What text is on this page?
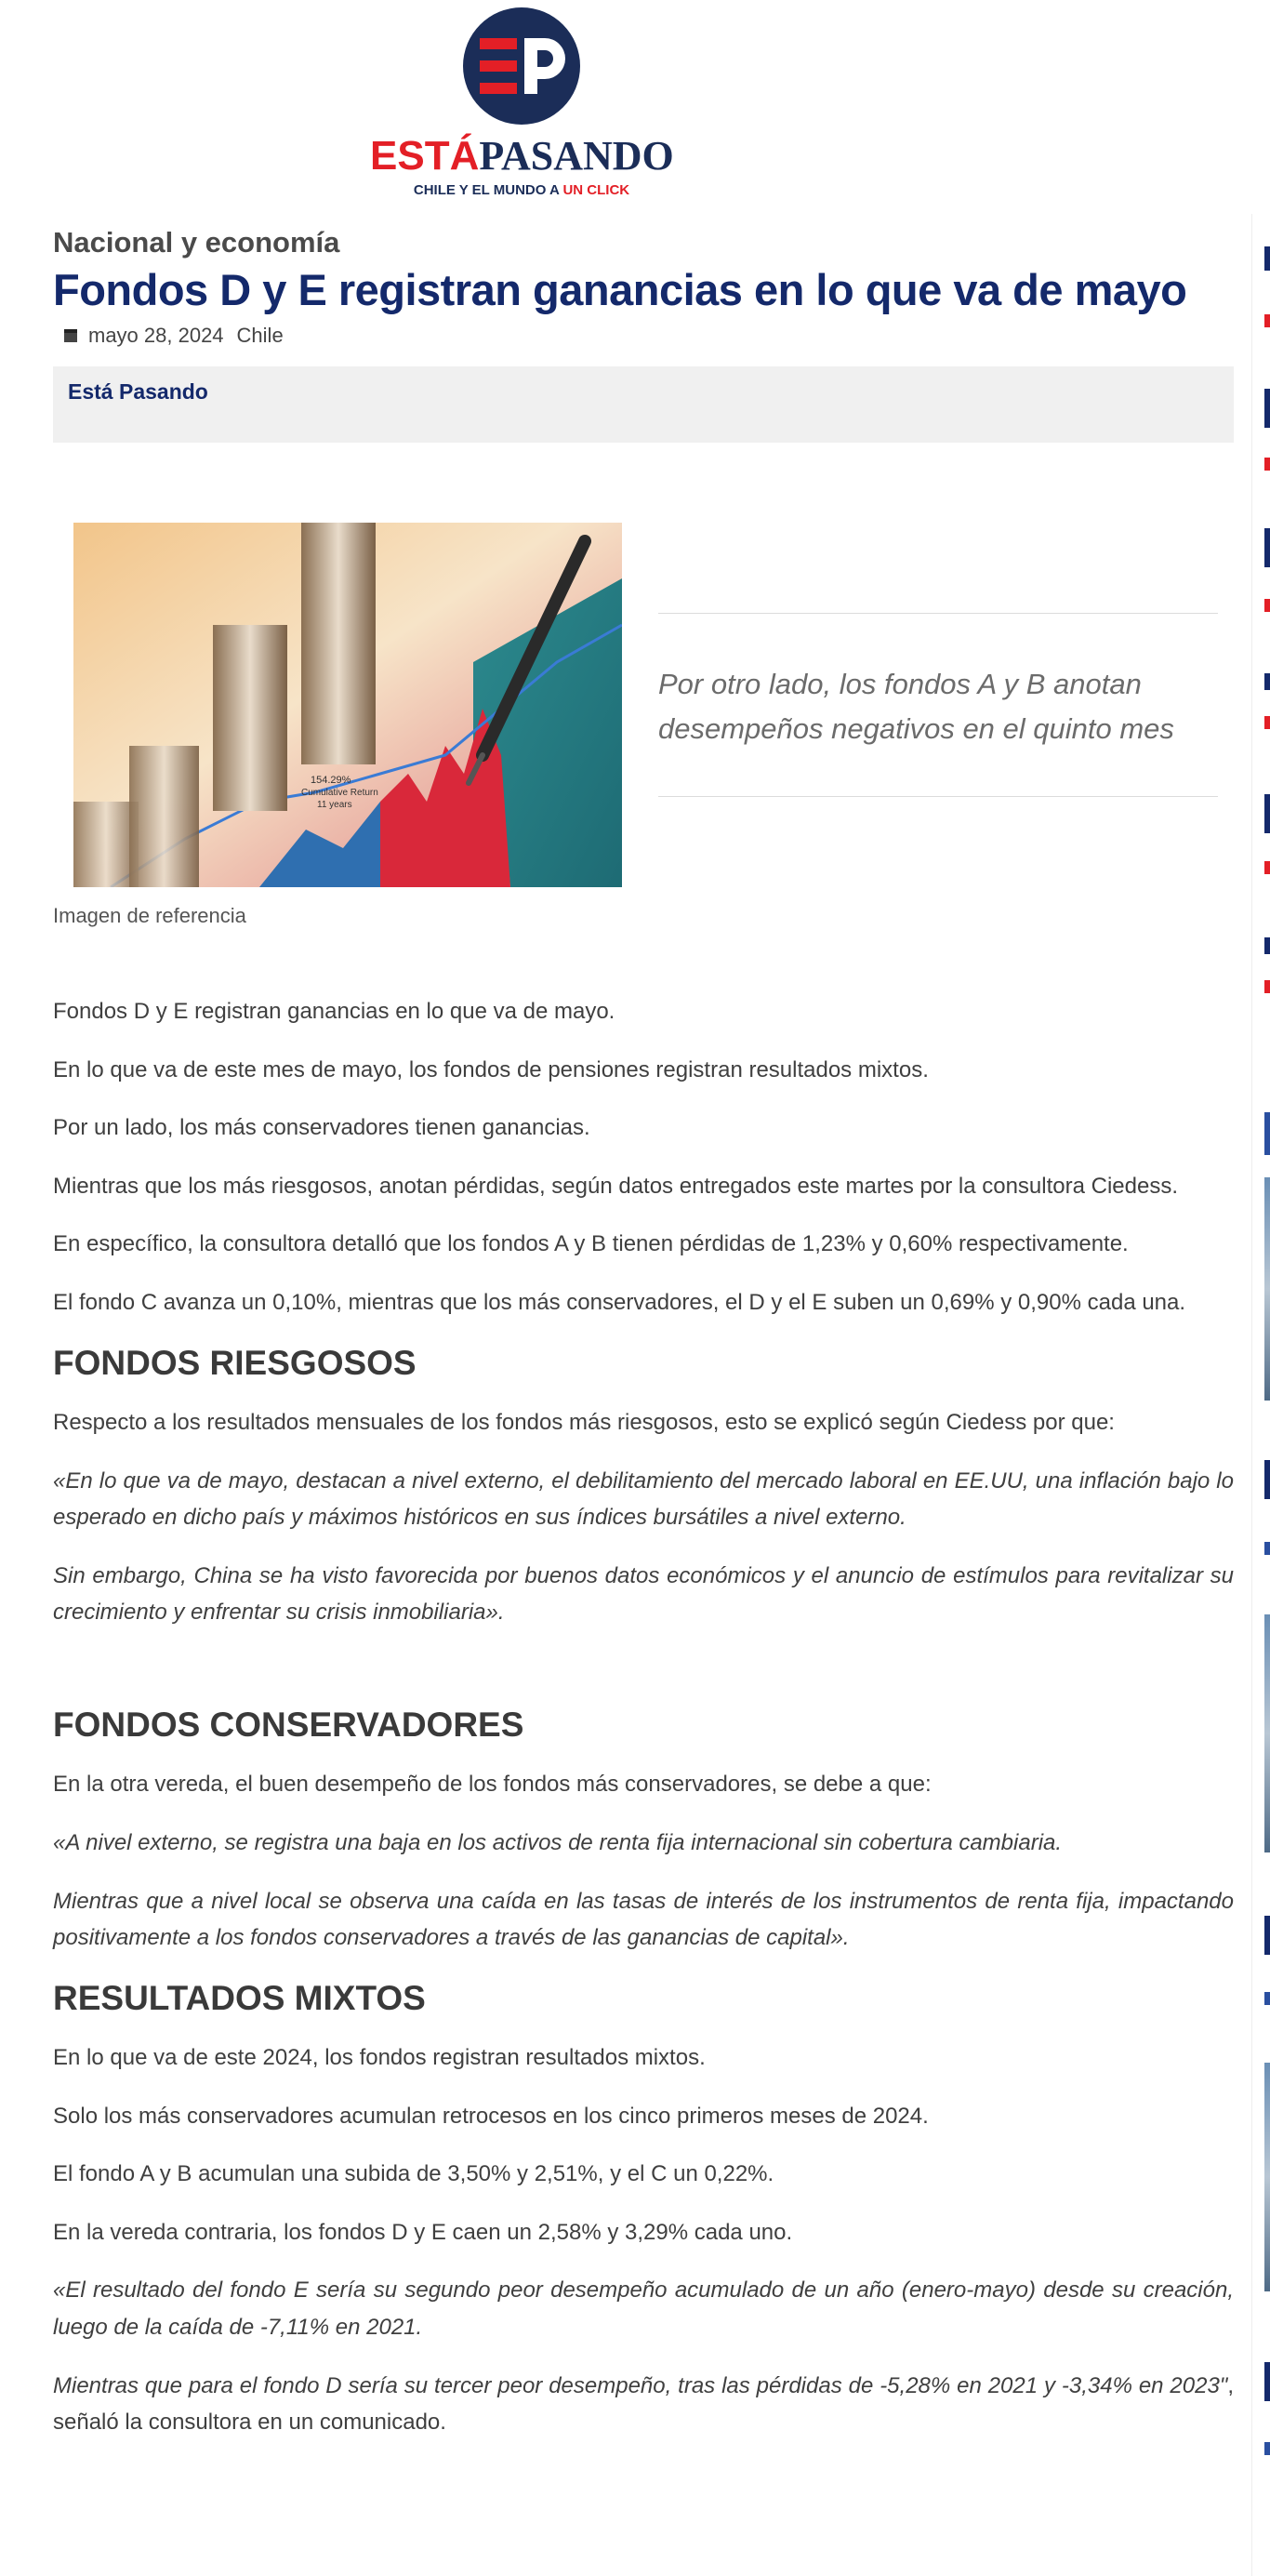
ESTÁPASANDO
CHILE Y EL MUNDO A UN CLICK
Nacional y economía
Fondos D y E registran ganancias en lo que va de mayo
mayo 28, 2024 Chile
Está Pasando
154.29%
Cumulative Return
11 years
Imagen de referencia

Por otro lado, los fondos A y B anotan desempeños negativos en el quinto mes

Fondos D y E registran ganancias en lo que va de mayo.

En lo que va de este mes de mayo, los fondos de pensiones registran resultados mixtos.

Por un lado, los más conservadores tienen ganancias.

Mientras que los más riesgosos, anotan pérdidas, según datos entregados este martes por la consultora Ciedess.

En específico, la consultora detalló que los fondos A y B tienen pérdidas de 1,23% y 0,60% respectivamente.

El fondo C avanza un 0,10%, mientras que los más conservadores, el D y el E suben un 0,69% y 0,90% cada una.

FONDOS RIESGOSOS

Respecto a los resultados mensuales de los fondos más riesgosos, esto se explicó según Ciedess por que:

«En lo que va de mayo, destacan a nivel externo, el debilitamiento del mercado laboral en EE.UU, una inflación bajo lo esperado en dicho país y máximos históricos en sus índices bursátiles a nivel externo.

Sin embargo, China se ha visto favorecida por buenos datos económicos y el anuncio de estímulos para revitalizar su crecimiento y enfrentar su crisis inmobiliaria».

FONDOS CONSERVADORES

En la otra vereda, el buen desempeño de los fondos más conservadores, se debe a que:

«A nivel externo, se registra una baja en los activos de renta fija internacional sin cobertura cambiaria.

Mientras que a nivel local se observa una caída en las tasas de interés de los instrumentos de renta fija, impactando positivamente a los fondos conservadores a través de las ganancias de capital».

RESULTADOS MIXTOS

En lo que va de este 2024, los fondos registran resultados mixtos.

Solo los más conservadores acumulan retrocesos en los cinco primeros meses de 2024.

El fondo A y B acumulan una subida de 3,50% y 2,51%, y el C un 0,22%.

En la vereda contraria, los fondos D y E caen un 2,58% y 3,29% cada uno.

«El resultado del fondo E sería su segundo peor desempeño acumulado de un año (enero-mayo) desde su creación, luego de la caída de -7,11% en 2021.

Mientras que para el fondo D sería su tercer peor desempeño, tras las pérdidas de -5,28% en 2021 y -3,34% en 2023", señaló la consultora en un comunicado.
